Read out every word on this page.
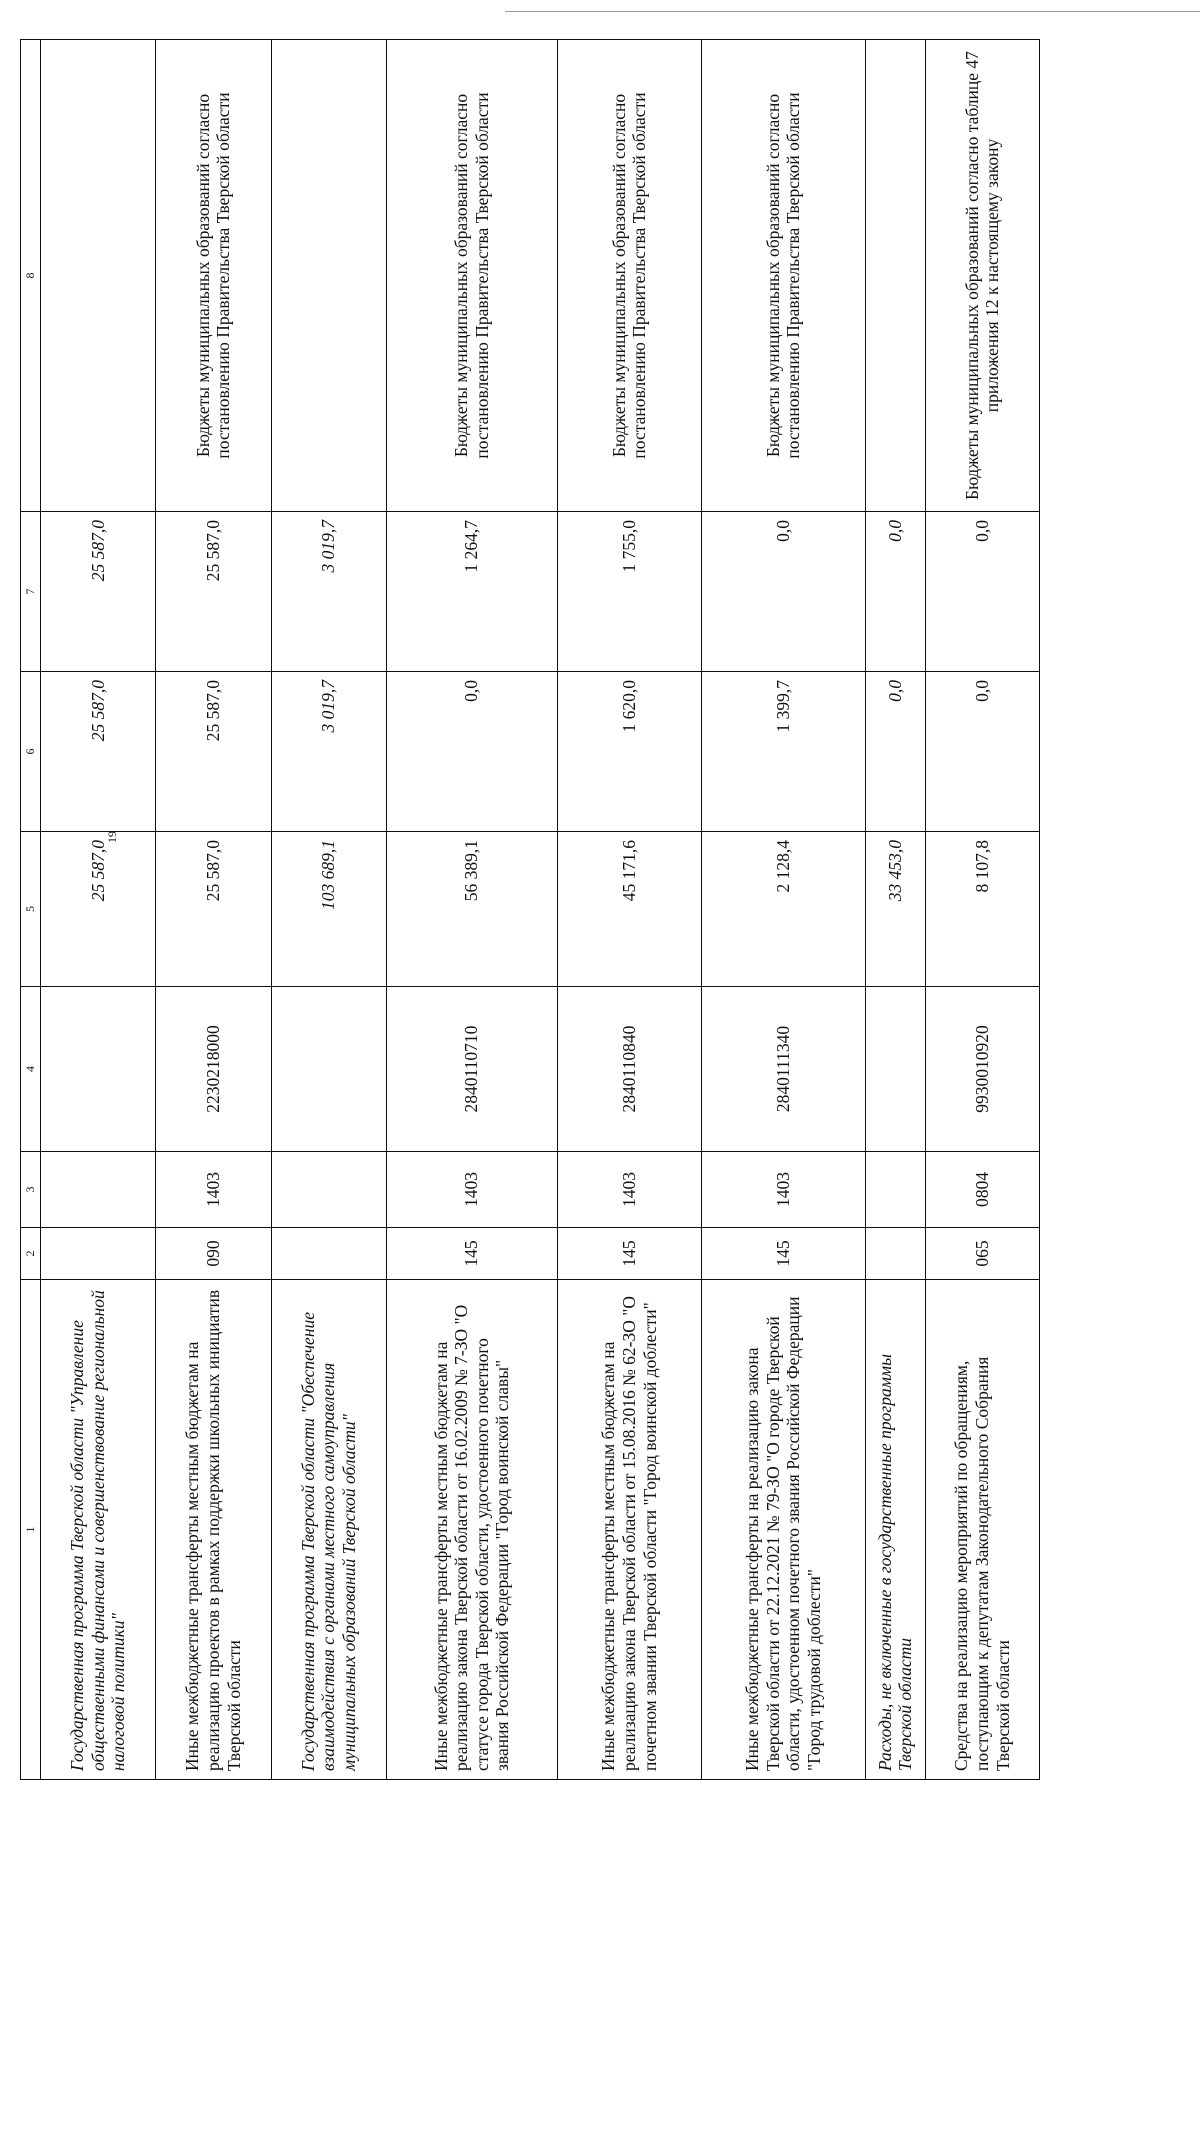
19
1	2	3	4	5	6	7	8
Государственная программа Тверской области "Управление общественными финансами и совершенствование региональной налоговой политики"				25 587,0	25 587,0	25 587,0	
Иные межбюджетные трансферты местным бюджетам на реализацию проектов в рамках поддержки школьных инициатив Тверской области	090	1403	2230218000	25 587,0	25 587,0	25 587,0	Бюджеты муниципальных образований согласно постановлению Правительства Тверской области
Государственная программа Тверской области "Обеспечение взаимодействия с органами местного самоуправления муниципальных образований Тверской области"				103 689,1	3 019,7	3 019,7	
Иные межбюджетные трансферты местным бюджетам на реализацию закона Тверской области от 16.02.2009 № 7-ЗО "О статусе города Тверской области, удостоенного почетного звания Российской Федерации "Город воинской славы"	145	1403	2840110710	56 389,1	0,0	1 264,7	Бюджеты муниципальных образований согласно постановлению Правительства Тверской области
Иные межбюджетные трансферты местным бюджетам на реализацию закона Тверской области от 15.08.2016 № 62-ЗО "О почетном звании Тверской области "Город воинской доблести"	145	1403	2840110840	45 171,6	1 620,0	1 755,0	Бюджеты муниципальных образований согласно постановлению Правительства Тверской области
Иные межбюджетные трансферты на реализацию закона Тверской области от 22.12.2021 № 79-ЗО "О городе Тверской области, удостоенном почетного звания Российской Федерации "Город трудовой доблести"	145	1403	2840111340	2 128,4	1 399,7	0,0	Бюджеты муниципальных образований согласно постановлению Правительства Тверской области
Расходы, не включенные в государственные программы Тверской области				33 453,0	0,0	0,0	
Средства на реализацию мероприятий по обращениям, поступающим к депутатам Законодательного Собрания Тверской области	065	0804	9930010920	8 107,8	0,0	0,0	Бюджеты муниципальных образований согласно таблице 47 приложения 12 к настоящему закону
